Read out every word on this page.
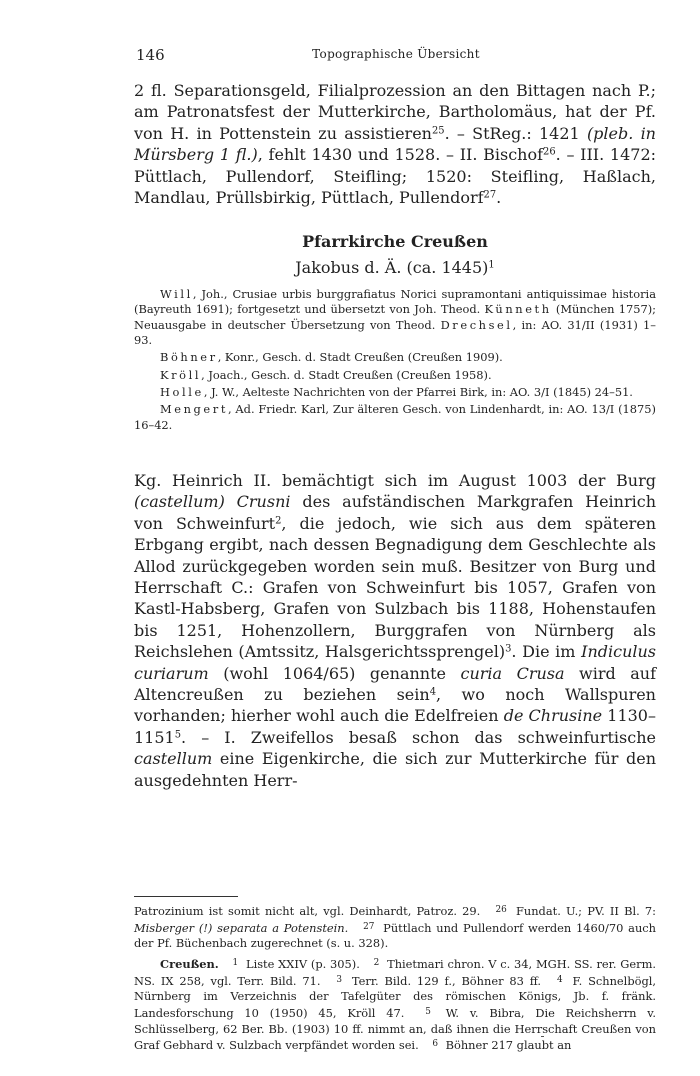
146	Topographische Übersicht

2 fl. Separationsgeld, Filialprozession an den Bittagen nach P.; am Patronatsfest der Mutterkirche, Bartholomäus, hat der Pf. von H. in Pottenstein zu assistieren$^{25}$. – StReg.: 1421 (pleb. in Mürsberg 1 fl.), fehlt 1430 und 1528. – II. Bischof$^{26}$. – III. 1472: Püttlach, Pullendorf, Steifling; 1520: Steifling, Haßlach, Mandlau, Prüllsbirkig, Püttlach, Pullendorf$^{27}$.

Pfarrkirche Creußen
Jakobus d. Ä. (ca. 1445)$^1$

Will, Joh., Crusiae urbis burggrafiatus Norici supramontani antiquissimae historia (Bayreuth 1691); fortgesetzt und übersetzt von Joh. Theod. Künneth (München 1757); Neuausgabe in deutscher Übersetzung von Theod. Drechsel, in: AO. 31/II (1931) 1–93.

Böhner, Konr., Gesch. d. Stadt Creußen (Creußen 1909).

Kröll, Joach., Gesch. d. Stadt Creußen (Creußen 1958).

Holle, J. W., Aelteste Nachrichten von der Pfarrei Birk, in: AO. 3/I (1845) 24–51.

Mengert, Ad. Friedr. Karl, Zur älteren Gesch. von Lindenhardt, in: AO. 13/I (1875) 16–42.

Kg. Heinrich II. bemächtigt sich im August 1003 der Burg (castellum) Crusni des aufständischen Markgrafen Heinrich von Schweinfurt$^2$, die jedoch, wie sich aus dem späteren Erbgang ergibt, nach dessen Begnadigung dem Geschlechte als Allod zurückgegeben worden sein muß. Besitzer von Burg und Herrschaft C.: Grafen von Schweinfurt bis 1057, Grafen von Kastl-Habsberg, Grafen von Sulzbach bis 1188, Hohenstaufen bis 1251, Hohenzollern, Burggrafen von Nürnberg als Reichslehen (Amtssitz, Halsgerichtssprengel)$^3$. Die im Indiculus curiarum (wohl 1064/65) genannte curia Crusa wird auf Altencreußen zu beziehen sein$^4$, wo noch Wallspuren vorhanden; hierher wohl auch die Edelfreien de Chrusine 1130–1151$^5$. – I. Zweifellos besaß schon das schweinfurtische castellum eine Eigenkirche, die sich zur Mutterkirche für den ausgedehnten Herr-

Patrozinium ist somit nicht alt, vgl. Deinhardt, Patroz. 29. $^{26}$ Fundat. U.; PV. II Bl. 7: Misberger (!) separata a Potenstein. $^{27}$ Püttlach und Pullendorf werden 1460/70 auch der Pf. Büchenbach zugerechnet (s. u. 328).

Creußen. $^1$ Liste XXIV (p. 305). $^2$ Thietmari chron. V c. 34, MGH. SS. rer. Germ. NS. IX 258, vgl. Terr. Bild. 71. $^3$ Terr. Bild. 129 f., Böhner 83 ff. $^4$ F. Schnelbögl, Nürnberg im Verzeichnis der Tafelgüter des römischen Königs, Jb. f. fränk. Landesforschung 10 (1950) 45, Kröll 47. $^5$ W. v. Bibra, Die Reichsherrn v. Schlüsselberg, 62 Ber. Bb. (1903) 10 ff. nimmt an, daß ihnen die Herrschaft Creußen von Graf Gebhard v. Sulzbach verpfändet worden sei. $^6$ Böhner 217 glaubt an
